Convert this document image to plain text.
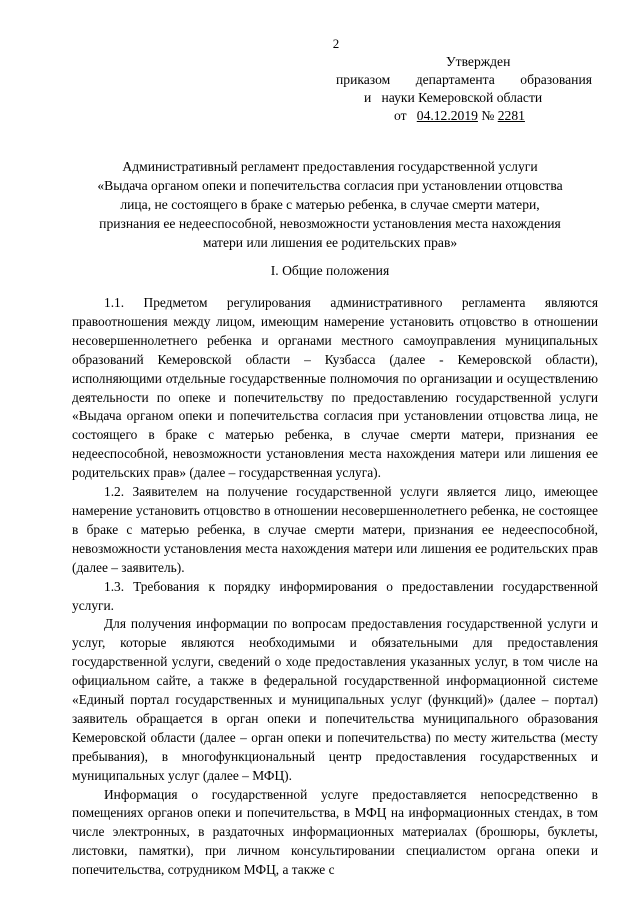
2
Утвержден
приказом департамента образования
и   науки Кемеровской области
от 04.12.2019 № 2281
Административный регламент предоставления государственной услуги
«Выдача органом опеки и попечительства согласия при установлении отцовства
лица, не состоящего в браке с матерью ребенка, в случае смерти матери,
признания ее недееспособной, невозможности установления места нахождения
матери или лишения ее родительских прав»
I. Общие положения

1.1. Предметом регулирования административного регламента являются правоотношения между лицом, имеющим намерение установить отцовство в отношении несовершеннолетнего ребенка и органами местного самоуправления муниципальных образований Кемеровской области – Кузбасса (далее - Кемеровской области), исполняющими отдельные государственные полномочия по организации и осуществлению деятельности по опеке и попечительству по предоставлению государственной услуги «Выдача органом опеки и попечительства согласия при установлении отцовства лица, не состоящего в браке с матерью ребенка, в случае смерти матери, признания ее недееспособной, невозможности установления места нахождения матери или лишения ее родительских прав» (далее – государственная услуга).

1.2. Заявителем на получение государственной услуги является лицо, имеющее намерение установить отцовство в отношении несовершеннолетнего ребенка, не состоящее в браке с матерью ребенка, в случае смерти матери, признания ее недееспособной, невозможности установления места нахождения матери или лишения ее родительских прав (далее – заявитель).

1.3. Требования к порядку информирования о предоставлении государственной услуги.

Для получения информации по вопросам предоставления государственной услуги и услуг, которые являются необходимыми и обязательными для предоставления государственной услуги, сведений о ходе предоставления указанных услуг, в том числе на официальном сайте, а также в федеральной государственной информационной системе «Единый портал государственных и муниципальных услуг (функций)» (далее – портал) заявитель обращается в орган опеки и попечительства муниципального образования Кемеровской области (далее – орган опеки и попечительства) по месту жительства (месту пребывания), в многофункциональный центр предоставления государственных и муниципальных услуг (далее – МФЦ).

Информация о государственной услуге предоставляется непосредственно в помещениях органов опеки и попечительства, в МФЦ на информационных стендах, в том числе электронных, в раздаточных информационных материалах (брошюры, буклеты, листовки, памятки), при личном консультировании специалистом органа опеки и попечительства, сотрудником МФЦ, а также с
